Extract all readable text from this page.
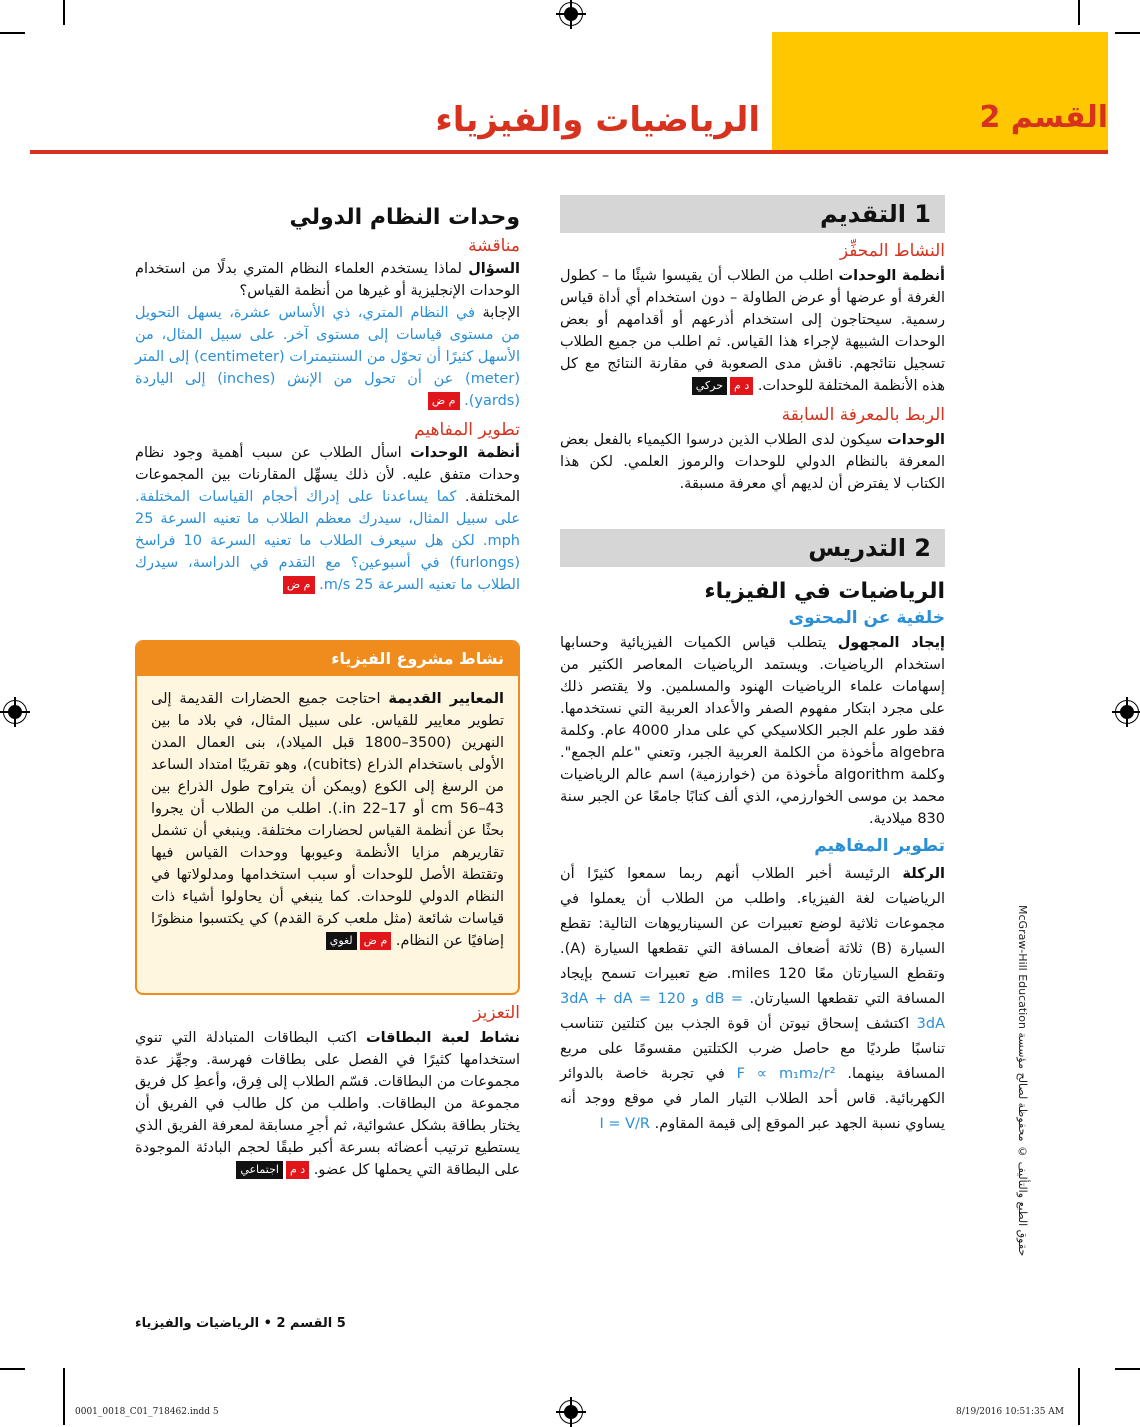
القسم 2
الرياضيات والفيزياء
1 التقديم
النشاط المحفِّز
أنظمة الوحدات اطلب من الطلاب أن يقيسوا شيئًا ما – كطول الغرفة أو عرضها أو عرض الطاولة – دون استخدام أي أداة قياس رسمية. سيحتاجون إلى استخدام أذرعهم أو أقدامهم أو بعض الوحدات الشبيهة لإجراء هذا القياس. ثم اطلب من جميع الطلاب تسجيل نتائجهم. ناقش مدى الصعوبة في مقارنة النتائج مع كل هذه الأنظمة المختلفة للوحدات. د محركي
الربط بالمعرفة السابقة
الوحدات سيكون لدى الطلاب الذين درسوا الكيمياء بالفعل بعض المعرفة بالنظام الدولي للوحدات والرموز العلمي. لكن هذا الكتاب لا يفترض أن لديهم أي معرفة مسبقة.
2 التدريس
الرياضيات في الفيزياء
خلفية عن المحتوى
إيجاد المجهول يتطلب قياس الكميات الفيزيائية وحسابها استخدام الرياضيات. ويستمد الرياضيات المعاصر الكثير من إسهامات علماء الرياضيات الهنود والمسلمين. ولا يقتصر ذلك على مجرد ابتكار مفهوم الصفر والأعداد العربية التي نستخدمها. فقد طور علم الجبر الكلاسيكي كي على مدار 4000 عام. وكلمة algebra مأخوذة من الكلمة العربية الجبر، وتعني "علم الجمع". وكلمة algorithm مأخوذة من (خوارزمية) اسم عالم الرياضيات محمد بن موسى الخوارزمي، الذي ألف كتابًا جامعًا عن الجبر سنة 830 ميلادية.
تطوير المفاهيم
الركلة الرئيسة أخبر الطلاب أنهم ربما سمعوا كثيرًا أن الرياضيات لغة الفيزياء. واطلب من الطلاب أن يعملوا في مجموعات ثلاثية لوضع تعبيرات عن السيناريوهات التالية: تقطع السيارة (B) ثلاثة أضعاف المسافة التي تقطعها السيارة (A). وتقطع السيارتان معًا 120 miles. ضع تعبيرات تسمح بإيجاد المسافة التي تقطعها السيارتان. 3dA + dA = 120 و dB = 3dA اكتشف إسحاق نيوتن أن قوة الجذب بين كتلتين تتناسب تناسبًا طرديًا مع حاصل ضرب الكتلتين مقسومًا على مربع المسافة بينهما. F ∝ m₁m₂/r² في تجربة خاصة بالدوائر الكهربائية. قاس أحد الطلاب التيار المار في موقع ووجد أنه يساوي نسبة الجهد عبر الموقع إلى قيمة المقاوم. I = V/R
وحدات النظام الدولي
مناقشة
السؤال لماذا يستخدم العلماء النظام المتري بدلًا من استخدام الوحدات الإنجليزية أو غيرها من أنظمة القياس؟
الإجابة في النظام المتري، ذي الأساس عشرة، يسهل التحويل من مستوى قياسات إلى مستوى آخر. على سبيل المثال، من الأسهل كثيرًا أن تحوّل من السنتيمترات (centimeter) إلى المتر (meter) عن أن تحول من الإنش (inches) إلى الياردة (yards). م ض
تطوير المفاهيم
أنظمة الوحدات اسأل الطلاب عن سبب أهمية وجود نظام وحدات متفق عليه. لأن ذلك يسهِّل المقارنات بين المجموعات المختلفة. كما يساعدنا على إدراك أحجام القياسات المختلفة. على سبيل المثال، سيدرك معظم الطلاب ما تعنيه السرعة 25 mph. لكن هل سيعرف الطلاب ما تعنيه السرعة 10 فراسخ (furlongs) في أسبوعين؟ مع التقدم في الدراسة، سيدرك الطلاب ما تعنيه السرعة 25 m/s. م ض
نشاط مشروع الفيزياء
المعايير القديمة احتاجت جميع الحضارات القديمة إلى تطوير معايير للقياس. على سبيل المثال، في بلاد ما بين النهرين (3500–1800 قبل الميلاد)، بنى العمال المدن الأولى باستخدام الذراع (cubits)، وهو تقريبًا امتداد الساعد من الرسغ إلى الكوع (ويمكن أن يتراوح طول الذراع بين 43–56 cm أو 17–22 in.). اطلب من الطلاب أن يجروا بحثًا عن أنظمة القياس لحضارات مختلفة. وينبغي أن تشمل تقاريرهم مزايا الأنظمة وعيوبها ووحدات القياس فيها وتقتطة الأصل للوحدات أو سبب استخدامها ومدلولاتها في النظام الدولي للوحدات. كما ينبغي أن يحاولوا أشياء ذات قياسات شائعة (مثل ملعب كرة القدم) كي يكتسبوا منظورًا إضافيًا عن النظام. م ضلغوي
التعزيز
نشاط لعبة البطاقات اكتب البطاقات المتبادلة التي تنوي استخدامها كثيرًا في الفصل على بطاقات فهرسة. وجهِّز عدة مجموعات من البطاقات. قسّم الطلاب إلى فِرق، وأعطِ كل فريق مجموعة من البطاقات. واطلب من كل طالب في الفريق أن يختار بطاقة بشكل عشوائية، ثم أجرِ مسابقة لمعرفة الفريق الذي يستطيع ترتيب أعضائه بسرعة أكبر طبقًا لحجم البادئة الموجودة على البطاقة التي يحملها كل عضو. د ماجتماعي
حقوق الطبع والتأليف © محفوظة لصالح مؤسسة McGraw-Hill Education
5 القسم 2 • الرياضيات والفيزياء
0001_0018_C01_718462.indd 5	8/19/2016 10:51:35 AM
